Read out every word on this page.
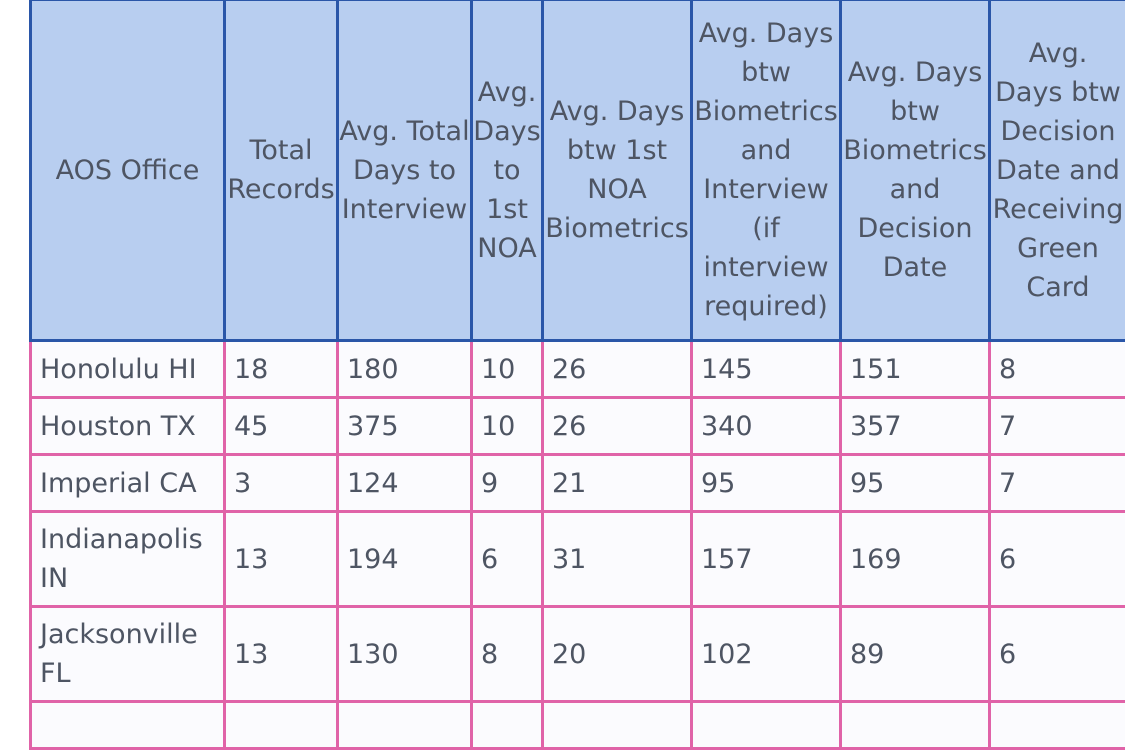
AOS Office	Total Records	Avg. Total Days to Interview	Avg. Days to 1st NOA	Avg. Days btw 1st NOA Biometrics	Avg. Days btw Biometrics and Interview (if interview required)	Avg. Days btw Biometrics and Decision Date	Avg. Days btw Decision Date and Receiving Green Card
Honolulu HI	18	180	10	26	145	151	8
Houston TX	45	375	10	26	340	357	7
Imperial CA	3	124	9	21	95	95	7
Indianapolis IN	13	194	6	31	157	169	6
Jacksonville FL	13	130	8	20	102	89	6
